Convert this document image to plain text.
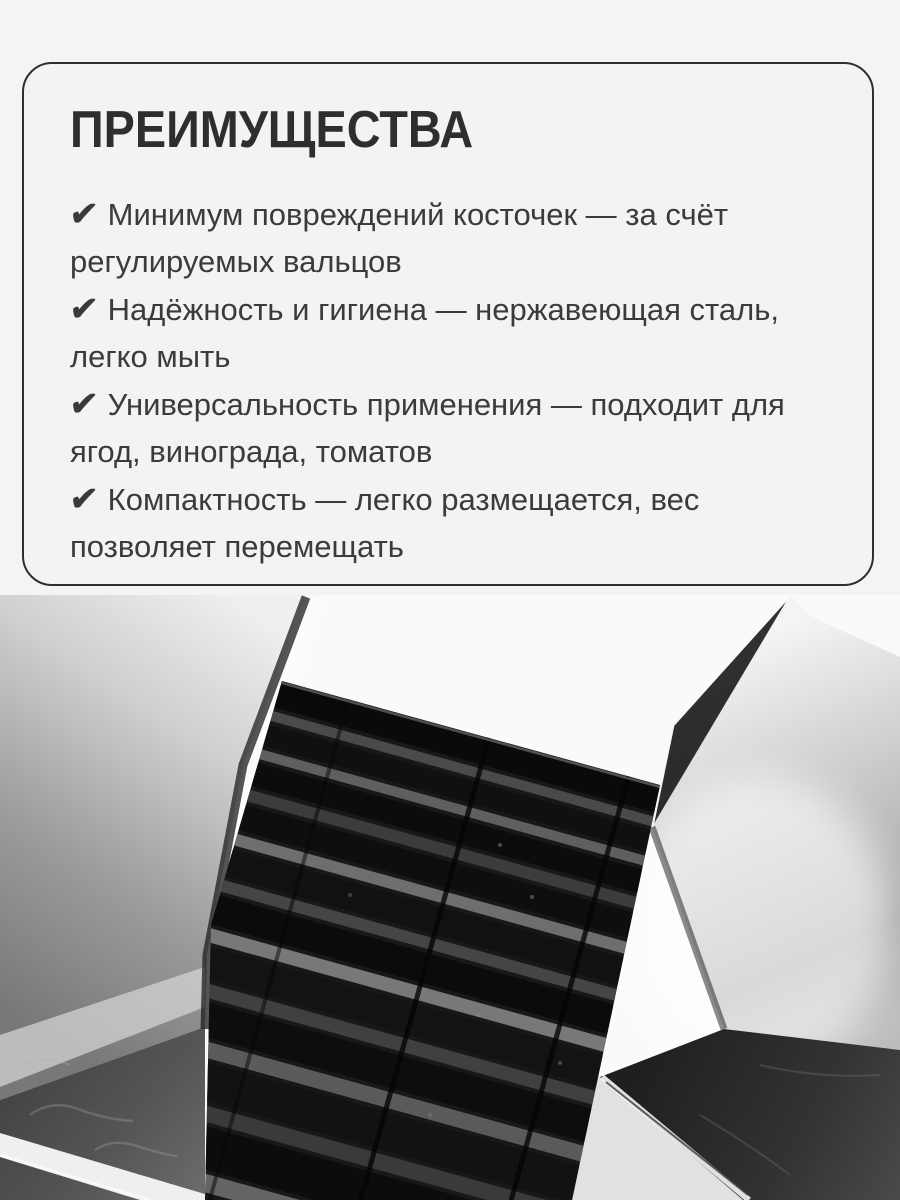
ПРЕИМУЩЕСТВА
✔ Минимум повреждений косточек — за счёт
регулируемых вальцов
✔ Надёжность и гигиена — нержавеющая сталь,
легко мыть
✔ Универсальность применения — подходит для
ягод, винограда, томатов
✔ Компактность — легко размещается, вес
позволяет перемещать
